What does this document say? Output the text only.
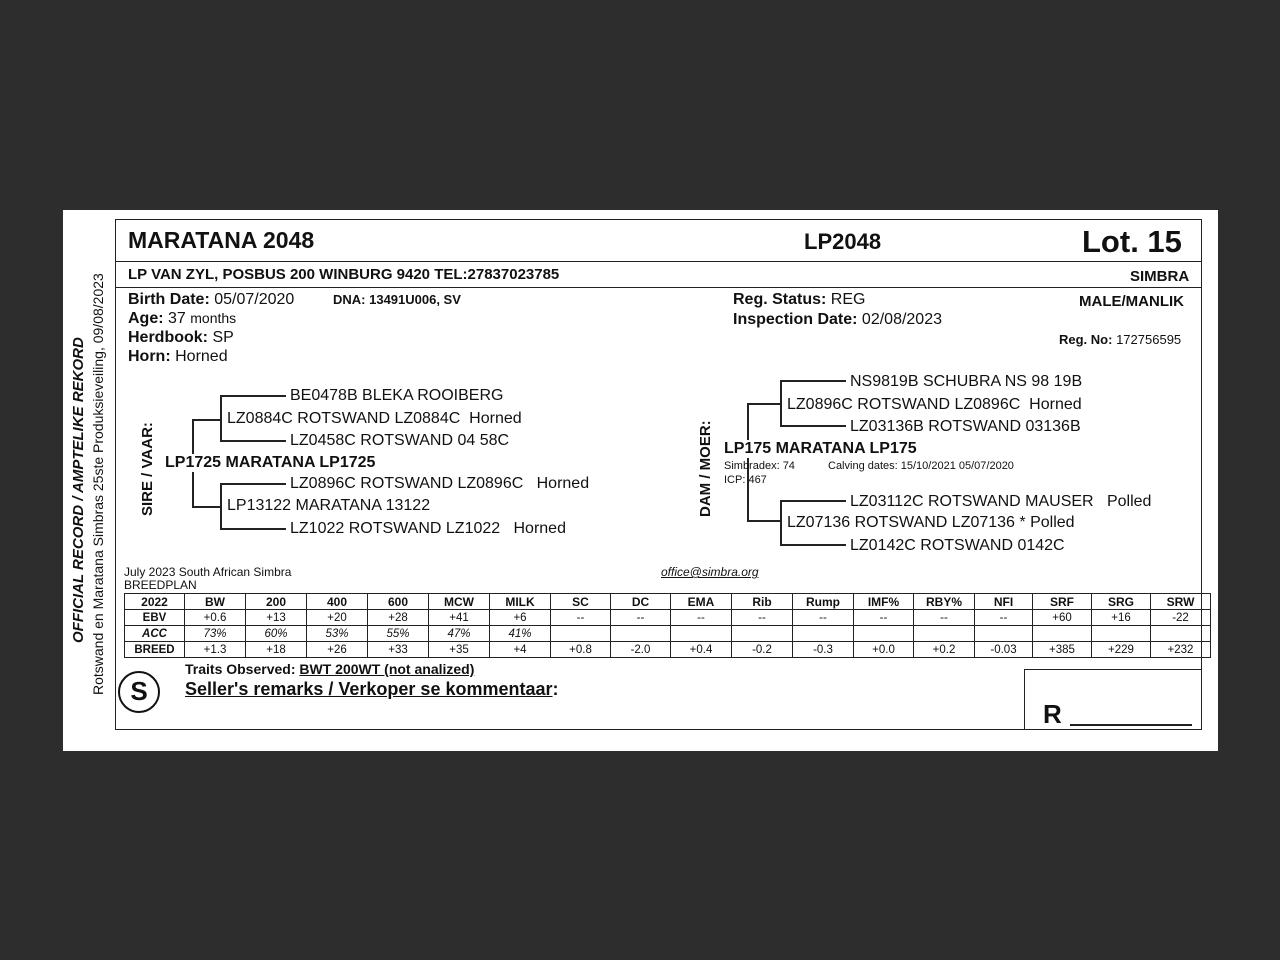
OFFICIAL RECORD / AMPTELIKE REKORD Rotswand en Maratana Simbras 25ste Produksieveiling, 09/08/2023
MARATANA 2048	LP2048	Lot. 15
LP VAN ZYL, POSBUS 200 WINBURG 9420 TEL:27837023785	SIMBRA
Birth Date: 05/07/2020	DNA: 13491U006, SV
Age: 37 months
Herdbook: SP
Horn: Horned
Reg. Status: REG
Inspection Date: 02/08/2023
MALE/MANLIK
Reg. No: 172756595
SIRE / VAAR:
BE0478B BLEKA ROOIBERG
LZ0884C ROTSWAND LZ0884C Horned
LZ0458C ROTSWAND 04 58C
LP1725 MARATANA LP1725
LZ0896C ROTSWAND LZ0896C Horned
LP13122 MARATANA 13122
LZ1022 ROTSWAND LZ1022 Horned
DAM / MOER:
NS9819B SCHUBRA NS 98 19B
LZ0896C ROTSWAND LZ0896C Horned
LZ03136B ROTSWAND 03136B
LP175 MARATANA LP175
Simbradex: 74	Calving dates: 15/10/2021 05/07/2020
ICP: 467
LZ03112C ROTSWAND MAUSER Polled
LZ07136 ROTSWAND LZ07136 * Polled
LZ0142C ROTSWAND 0142C
July 2023 South African Simbra
BREEDPLAN
office@simbra.org
2022	BW	200	400	600	MCW	MILK	SC	DC	EMA	Rib	Rump	IMF%	RBY%	NFI	SRF	SRG	SRW
EBV	+0.6	+13	+20	+28	+41	+6	--	--	--	--	--	--	--	--	+60	+16	-22
ACC	73%	60%	53%	55%	47%	41%											
BREED	+1.3	+18	+26	+33	+35	+4	+0.8	-2.0	+0.4	-0.2	-0.3	+0.0	+0.2	-0.03	+385	+229	+232
S
Traits Observed: BWT 200WT (not analized)
Seller's remarks / Verkoper se kommentaar:
R
